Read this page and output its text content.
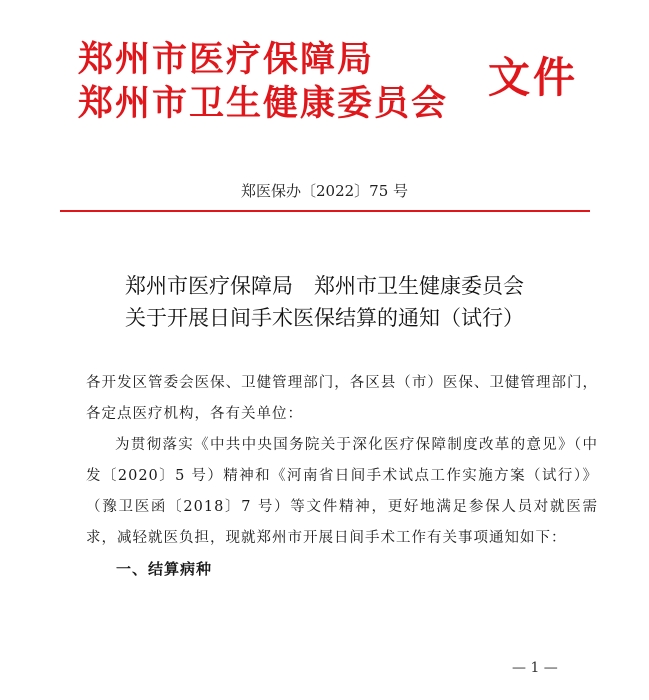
郑州市医疗保障局
郑州市卫生健康委员会
文件
郑医保办〔2022〕75 号
郑州市医疗保障局　郑州市卫生健康委员会
关于开展日间手术医保结算的通知（试行）

各开发区管委会医保、卫健管理部门，各区县（市）医保、卫健管理部门，各定点医疗机构，各有关单位：

为贯彻落实《中共中央国务院关于深化医疗保障制度改革的意见》（中发〔2020〕5 号）精神和《河南省日间手术试点工作实施方案（试行）》（豫卫医函〔2018〕7 号）等文件精神，更好地满足参保人员对就医需求，减轻就医负担，现就郑州市开展日间手术工作有关事项通知如下：

一、结算病种

— 1 —
